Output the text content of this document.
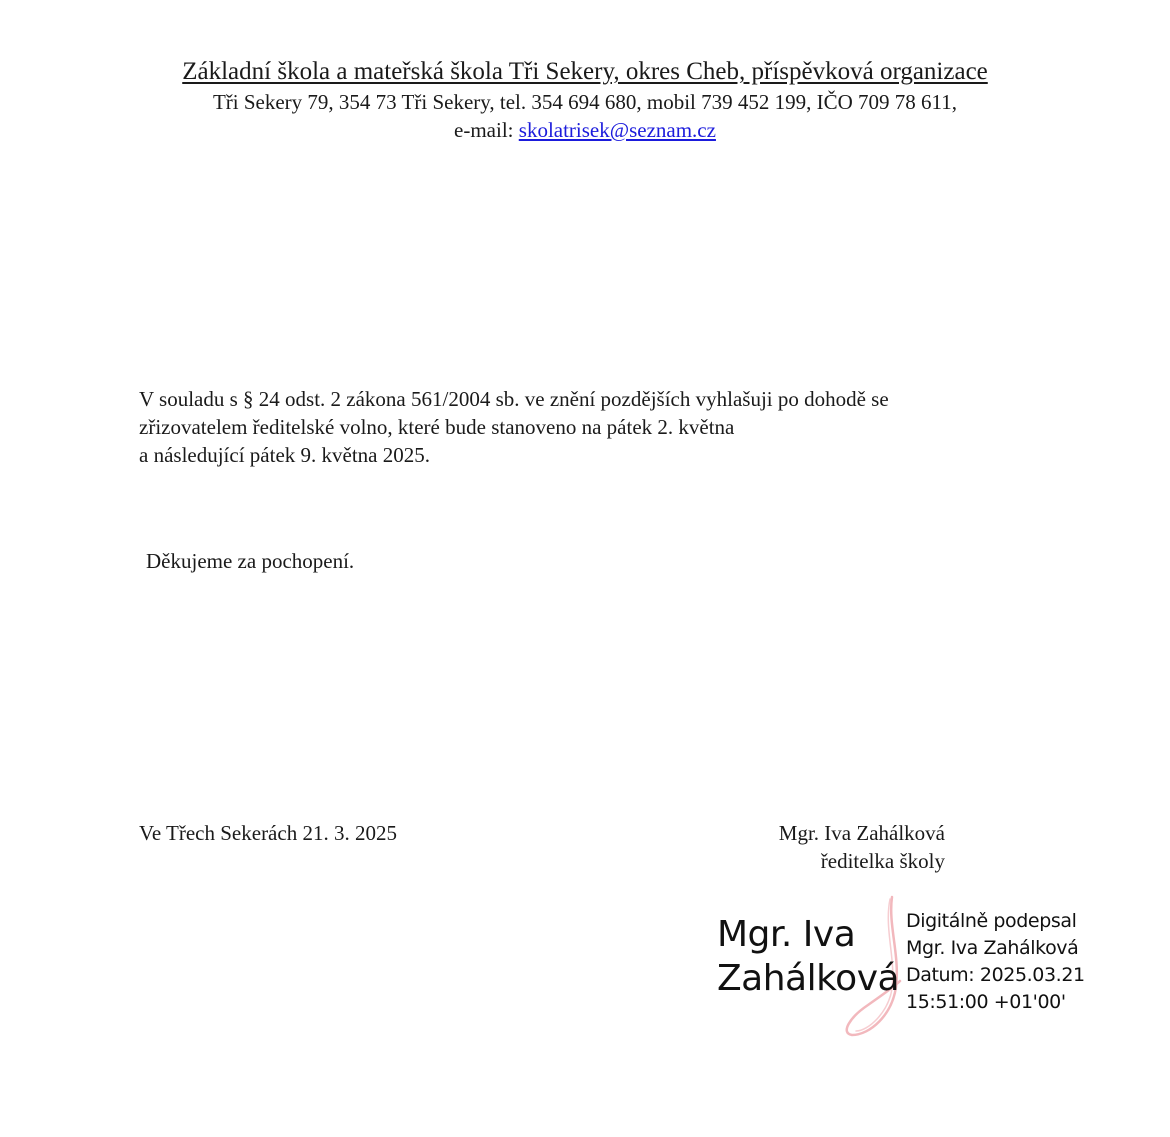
Základní škola a mateřská škola Tři Sekery, okres Cheb, příspěvková organizace
Tři Sekery 79, 354 73 Tři Sekery, tel. 354 694 680, mobil 739 452 199, IČO 709 78 611,
e-mail: skolatrisek@seznam.cz
V souladu s § 24 odst. 2 zákona 561/2004 sb. ve znění pozdějších vyhlašuji po dohodě se
zřizovatelem ředitelské volno, které bude stanoveno na pátek 2. května
a následující pátek 9. května 2025.
Děkujeme za pochopení.
Ve Třech Sekerách 21. 3. 2025	Mgr. Iva Zahálková
ředitelka školy
Mgr. Iva
Zahálková
Digitálně podepsal
Mgr. Iva Zahálková
Datum: 2025.03.21
15:51:00 +01'00'
